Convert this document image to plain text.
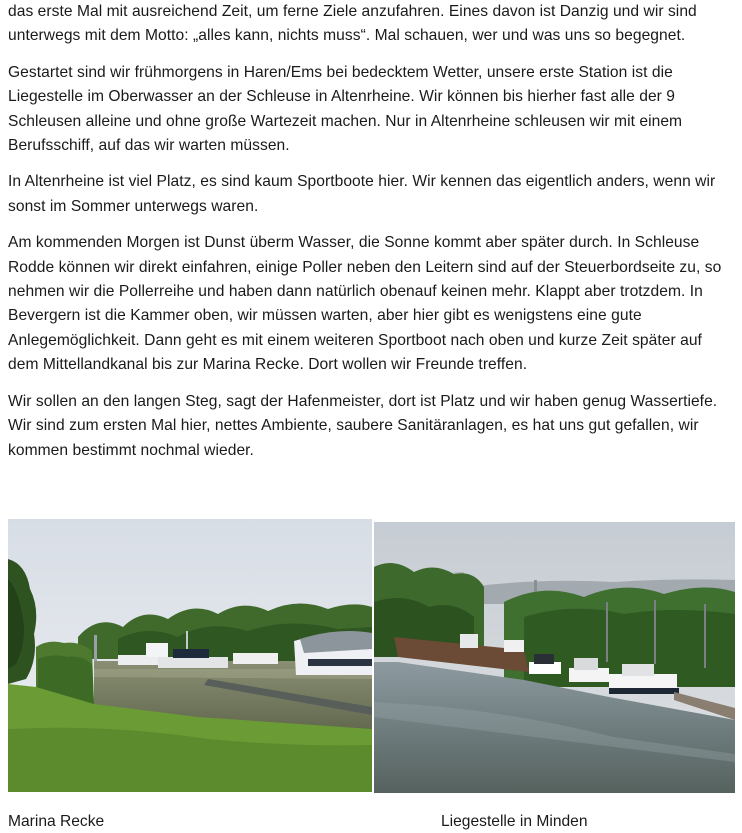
das erste Mal mit ausreichend Zeit, um ferne Ziele anzufahren. Eines davon ist Danzig und wir sind unterwegs mit dem Motto: „alles kann, nichts muss“. Mal schauen, wer und was uns so begegnet.

Gestartet sind wir frühmorgens in Haren/Ems bei bedecktem Wetter, unsere erste Station ist die Liegestelle im Oberwasser an der Schleuse in Altenrheine. Wir können bis hierher fast alle der 9 Schleusen alleine und ohne große Wartezeit machen. Nur in Altenrheine schleusen wir mit einem Berufsschiff, auf das wir warten müssen.

In Altenrheine ist viel Platz, es sind kaum Sportboote hier. Wir kennen das eigentlich anders, wenn wir sonst im Sommer unterwegs waren.

Am kommenden Morgen ist Dunst überm Wasser, die Sonne kommt aber später durch. In Schleuse Rodde können wir direkt einfahren, einige Poller neben den Leitern sind auf der Steuerbordseite zu, so nehmen wir die Pollerreihe und haben dann natürlich obenauf keinen mehr. Klappt aber trotzdem. In Bevergern ist die Kammer oben, wir müssen warten, aber hier gibt es wenigstens eine gute Anlegemöglichkeit. Dann geht es mit einem weiteren Sportboot nach oben und kurze Zeit später auf dem Mittellandkanal bis zur Marina Recke. Dort wollen wir Freunde treffen.

Wir sollen an den langen Steg, sagt der Hafenmeister, dort ist Platz und wir haben genug Wassertiefe. Wir sind zum ersten Mal hier, nettes Ambiente, saubere Sanitäranlagen, es hat uns gut gefallen, wir kommen bestimmt nochmal wieder.

Marina Recke	Liegestelle in Minden
